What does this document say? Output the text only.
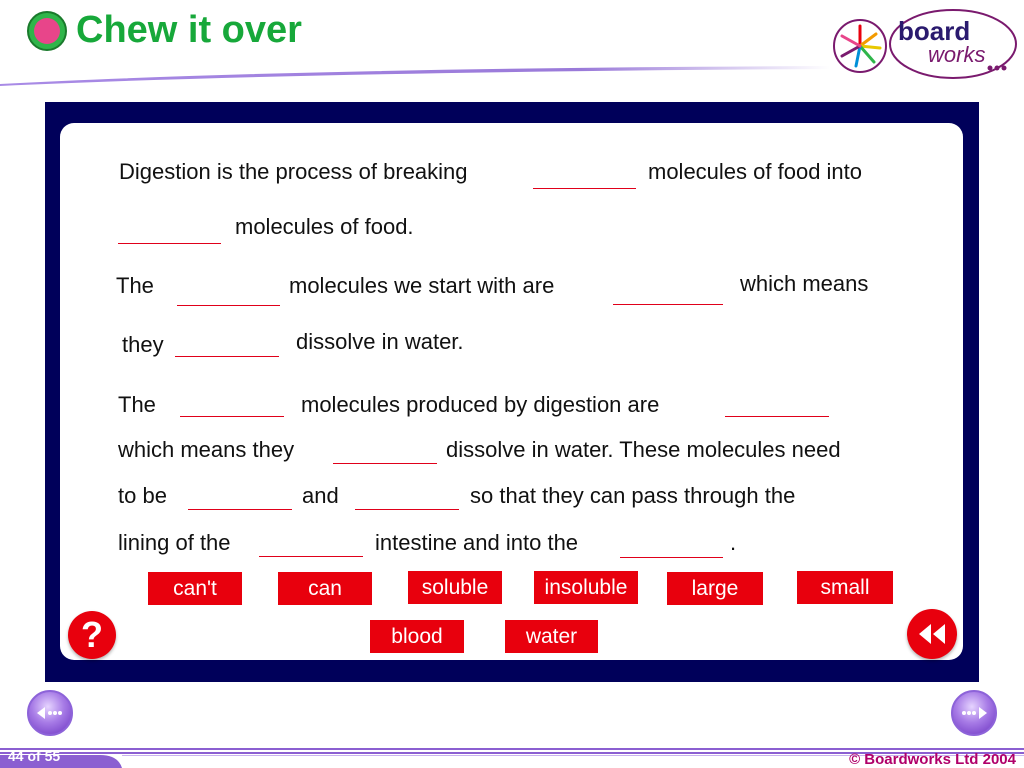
Chew it over	board
works
Digestion is the process of breaking	molecules of food into
molecules of food.
The	molecules we start with are	which means
they	dissolve in water.
The	molecules produced by digestion are
which means they	dissolve in water. These molecules need
to be	and	so that they can pass through the
lining of the	intestine and into the	.
can't	can	soluble	insoluble	large	small
blood	water
?
44 of 55	© Boardworks Ltd 2004
